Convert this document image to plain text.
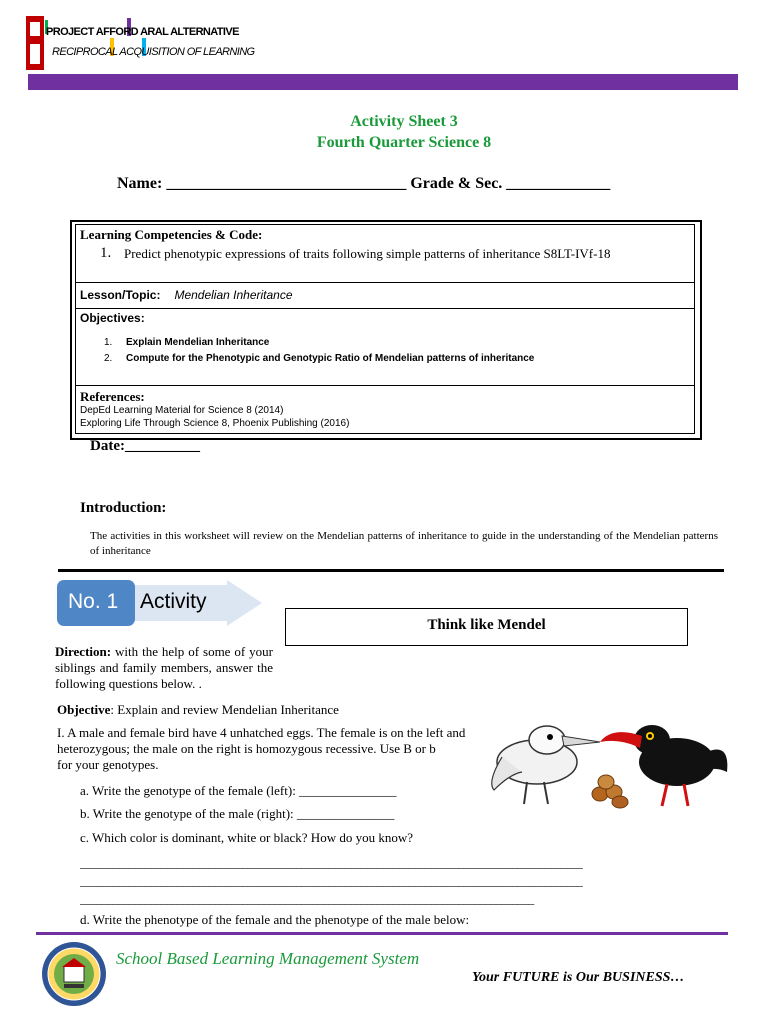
PROJECT AFFORD ARAL ALTERNATIVE
RECIPROCAL ACQUISITION OF LEARNING
Activity Sheet 3
Fourth Quarter Science 8
Name: ______________________________ Grade & Sec. _____________
Learning Competencies & Code:
1. Predict phenotypic expressions of traits following simple patterns of inheritance S8LT-IVf-18
Lesson/Topic: Mendelian Inheritance
Objectives:
1.	Explain Mendelian Inheritance
2.	Compute for the Phenotypic and Genotypic Ratio of Mendelian patterns of inheritance
References:
DepEd Learning Material for Science 8 (2014)
Exploring Life Through Science 8, Phoenix Publishing (2016)
Date:__________
Introduction:
The activities in this worksheet will review on the Mendelian patterns of inheritance to guide in the understanding of the Mendelian patterns of inheritance
No. 1 Activity
Think like Mendel
Direction: with the help of some of your siblings and family members, answer the following questions below. .
Objective: Explain and review Mendelian Inheritance
I. A male and female bird have 4 unhatched eggs. The female is on the left and
heterozygous; the male on the right is homozygous recessive. Use B or b
for your genotypes.
a. Write the genotype of the female (left): _______________
b. Write the genotype of the male (right): _______________
c. Which color is dominant, white or black? How do you know?
_____________________________________________________________________________________________
_____________________________________________________________________________________________
____________________________________________________________________________________
d. Write the phenotype of the female and the phenotype of the male below:
School Based Learning Management System
Your FUTURE is Our BUSINESS…
